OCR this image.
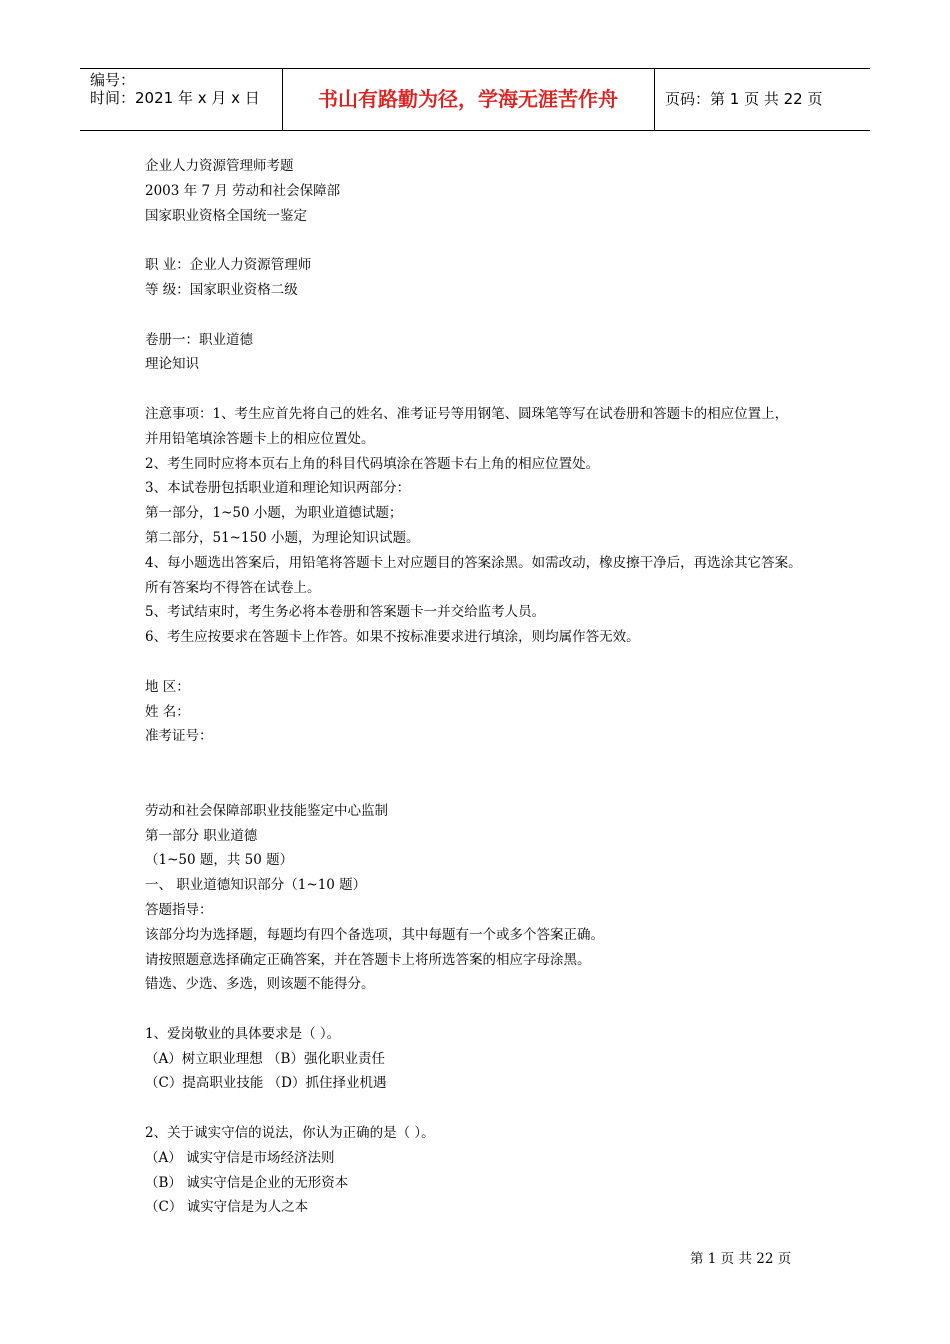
编号：
时间：2021 年 x 月 x 日	书山有路勤为径，学海无涯苦作舟	页码：第 1 页 共 22 页
企业人力资源管理师考题
2003 年 7 月 劳动和社会保障部
国家职业资格全国统一鉴定
职 业：企业人力资源管理师
等 级：国家职业资格二级
卷册一：职业道德
理论知识
注意事项：1、考生应首先将自己的姓名、准考证号等用钢笔、圆珠笔等写在试卷册和答题卡的相应位置上，
并用铅笔填涂答题卡上的相应位置处。
2、考生同时应将本页右上角的科目代码填涂在答题卡右上角的相应位置处。
3、本试卷册包括职业道和理论知识两部分：
第一部分，1~50 小题，为职业道德试题；
第二部分，51~150 小题，为理论知识试题。
4、每小题选出答案后，用铅笔将答题卡上对应题目的答案涂黑。如需改动，橡皮擦干净后，再选涂其它答案。
所有答案均不得答在试卷上。
5、考试结束时，考生务必将本卷册和答案题卡一并交给监考人员。
6、考生应按要求在答题卡上作答。如果不按标准要求进行填涂，则均属作答无效。
地 区：
姓 名：
准考证号：
劳动和社会保障部职业技能鉴定中心监制
第一部分 职业道德
（1~50 题，共 50 题）
一、 职业道德知识部分（1~10 题）
答题指导：
该部分均为选择题，每题均有四个备选项，其中每题有一个或多个答案正确。
请按照题意选择确定正确答案，并在答题卡上将所选答案的相应字母涂黑。
错选、少选、多选，则该题不能得分。
1、爱岗敬业的具体要求是（ ）。
（A）树立职业理想 （B）强化职业责任
（C）提高职业技能 （D）抓住择业机遇
2、关于诚实守信的说法，你认为正确的是（ ）。
（A） 诚实守信是市场经济法则
（B） 诚实守信是企业的无形资本
（C） 诚实守信是为人之本
第 1 页 共 22 页
